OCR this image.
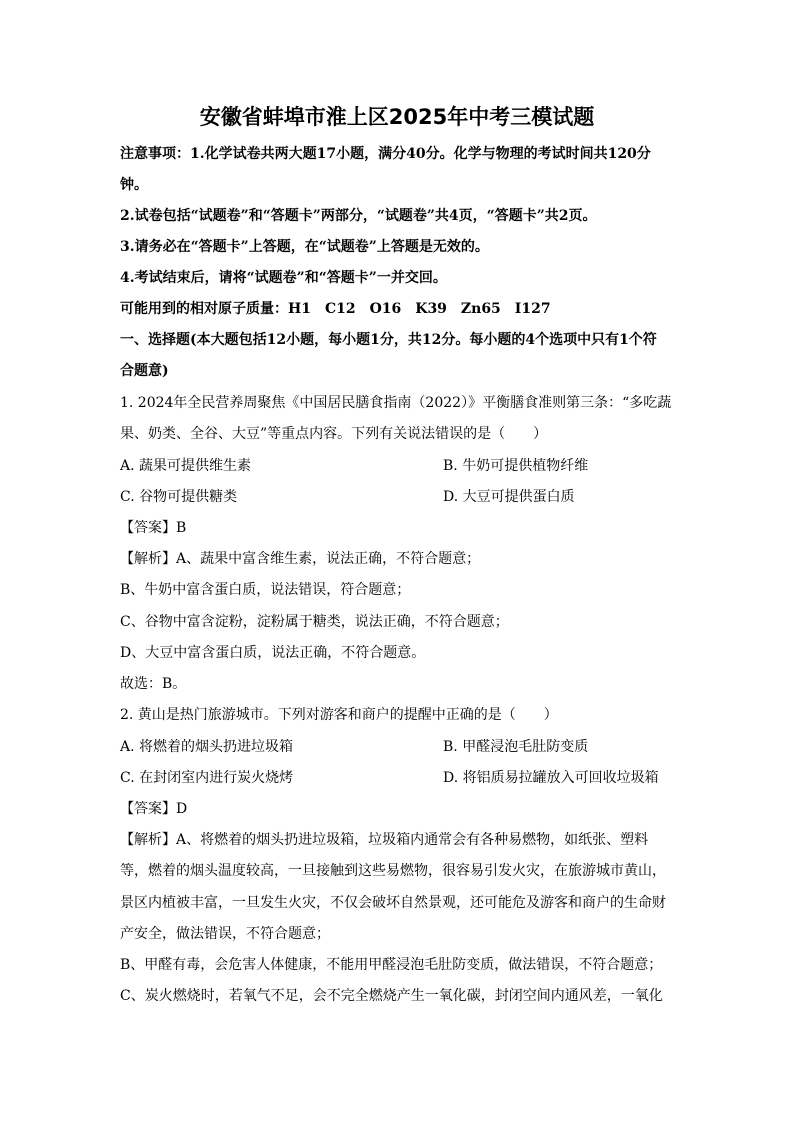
安徽省蚌埠市淮上区2025年中考三模试题
注意事项：1.化学试卷共两大题17小题，满分40分。化学与物理的考试时间共120分
钟。
2.试卷包括“试题卷”和“答题卡”两部分，“试题卷”共4页，“答题卡”共2页。
3.请务必在“答题卡”上答题，在“试题卷”上答题是无效的。
4.考试结束后，请将“试题卷”和“答题卡”一并交回。
可能用到的相对原子质量：H1　C12　O16　K39　Zn65　I127
一、选择题(本大题包括12小题，每小题1分，共12分。每小题的4个选项中只有1个符
合题意)
1. 2024年全民营养周聚焦《中国居民膳食指南（2022）》平衡膳食准则第三条：“多吃蔬
果、奶类、全谷、大豆”等重点内容。下列有关说法错误的是（　　）
A. 蔬果可提供维生素	B. 牛奶可提供植物纤维
C. 谷物可提供糖类	D. 大豆可提供蛋白质
【答案】B
【解析】A、蔬果中富含维生素，说法正确，不符合题意；
B、牛奶中富含蛋白质，说法错误，符合题意；
C、谷物中富含淀粉，淀粉属于糖类，说法正确，不符合题意；
D、大豆中富含蛋白质，说法正确，不符合题意。
故选：B。
2. 黄山是热门旅游城市。下列对游客和商户的提醒中正确的是（　　）
A. 将燃着的烟头扔进垃圾箱	B. 甲醛浸泡毛肚防变质
C. 在封闭室内进行炭火烧烤	D. 将铝质易拉罐放入可回收垃圾箱
【答案】D
【解析】A、将燃着的烟头扔进垃圾箱，垃圾箱内通常会有各种易燃物，如纸张、塑料
等，燃着的烟头温度较高，一旦接触到这些易燃物，很容易引发火灾，在旅游城市黄山，
景区内植被丰富，一旦发生火灾，不仅会破坏自然景观，还可能危及游客和商户的生命财
产安全，做法错误，不符合题意；
B、甲醛有毒，会危害人体健康，不能用甲醛浸泡毛肚防变质，做法错误，不符合题意；
C、炭火燃烧时，若氧气不足，会不完全燃烧产生一氧化碳，封闭空间内通风差，一氧化
